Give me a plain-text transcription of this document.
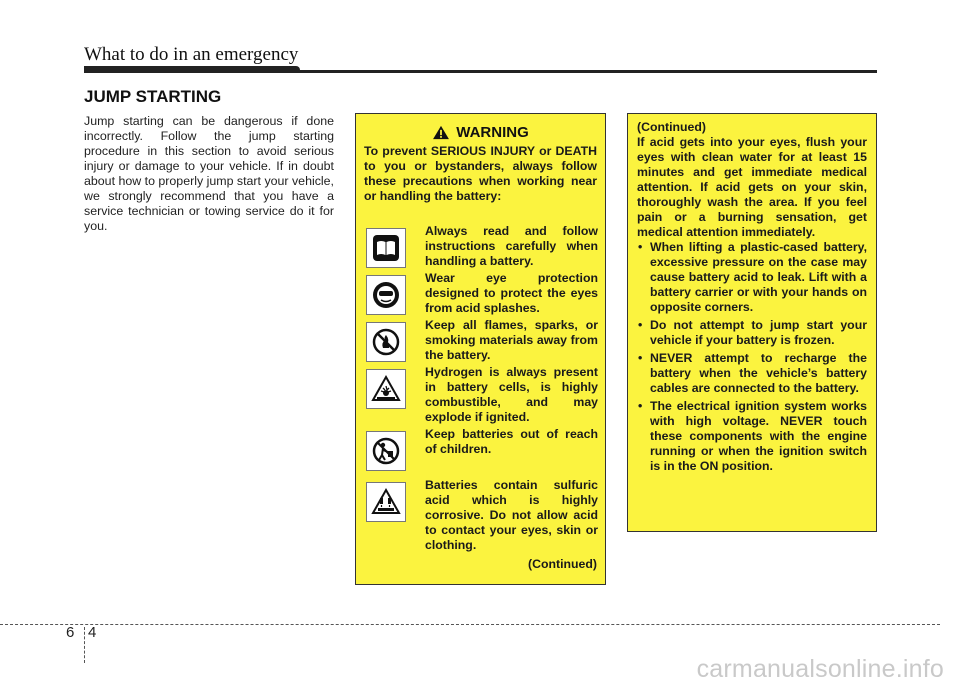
What to do in an emergency
JUMP STARTING
Jump starting can be dangerous if done incorrectly. Follow the jump starting procedure in this section to avoid serious injury or damage to your vehicle. If in doubt about how to properly jump start your vehicle, we strongly recommend that you have a service technician or towing service do it for you.
WARNING
To prevent SERIOUS INJURY or DEATH to you or bystanders, always follow these precautions when working near or handling the battery:
Always read and follow instructions carefully when handling a battery.
Wear eye protection designed to protect the eyes from acid splashes.
Keep all flames, sparks, or smoking materials away from the battery.
Hydrogen is always present in battery cells, is highly combustible, and may explode if ignited.
Keep batteries out of reach of children.
Batteries contain sulfuric acid which is highly corrosive. Do not allow acid to contact your eyes, skin or clothing.
(Continued)
(Continued)
If acid gets into your eyes, flush your eyes with clean water for at least 15 minutes and get immediate medical attention. If acid gets on your skin, thoroughly wash the area. If you feel pain or a burning sensation, get medical attention immediately.
• When lifting a plastic-cased battery, excessive pressure on the case may cause battery acid to leak. Lift with a battery carrier or with your hands on opposite corners.
• Do not attempt to jump start your vehicle if your battery is frozen.
• NEVER attempt to recharge the battery when the vehicle’s battery cables are connected to the battery.
• The electrical ignition system works with high voltage. NEVER touch these components with the engine running or when the ignition switch is in the ON position.
6 4
carmanualsonline.info
